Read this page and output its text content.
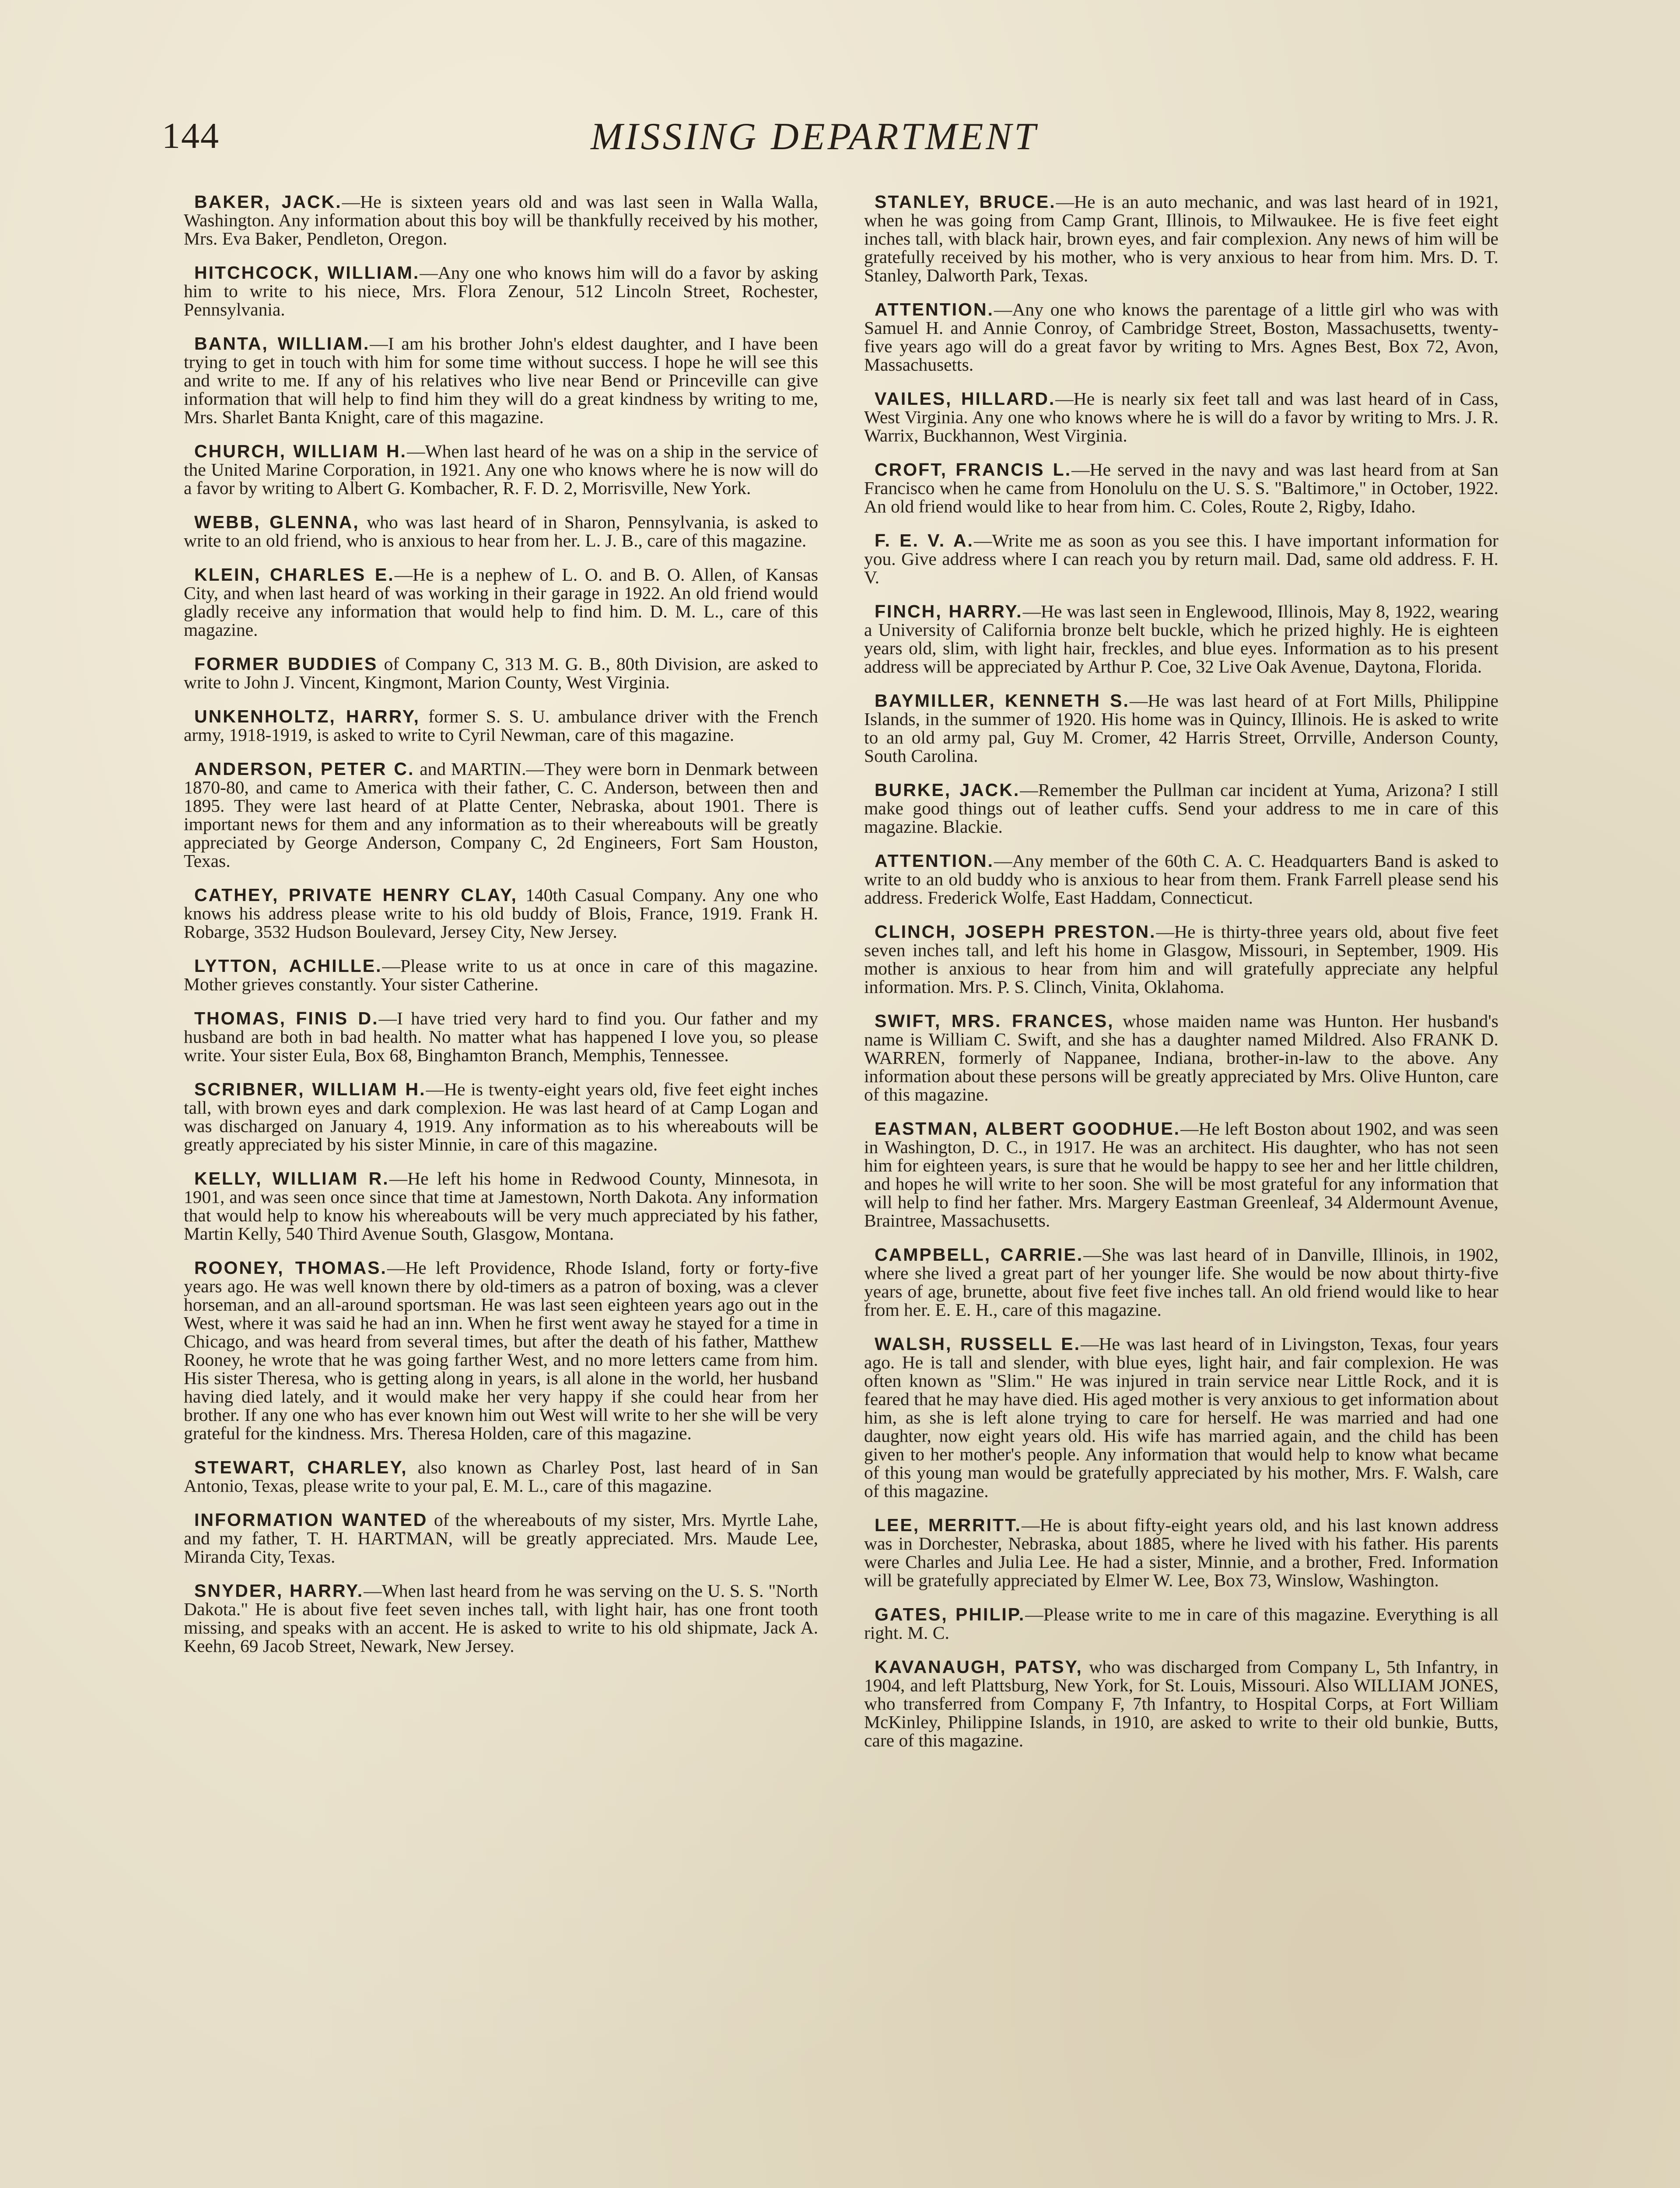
144	MISSING DEPARTMENT

BAKER, JACK.—He is sixteen years old and was last seen in Walla Walla, Washington. Any information about this boy will be thankfully received by his mother, Mrs. Eva Baker, Pendleton, Oregon.

HITCHCOCK, WILLIAM.—Any one who knows him will do a favor by asking him to write to his niece, Mrs. Flora Zenour, 512 Lincoln Street, Rochester, Pennsylvania.

BANTA, WILLIAM.—I am his brother John's eldest daughter, and I have been trying to get in touch with him for some time without success. I hope he will see this and write to me. If any of his relatives who live near Bend or Princeville can give information that will help to find him they will do a great kindness by writing to me, Mrs. Sharlet Banta Knight, care of this magazine.

CHURCH, WILLIAM H.—When last heard of he was on a ship in the service of the United Marine Corporation, in 1921. Any one who knows where he is now will do a favor by writing to Albert G. Kombacher, R. F. D. 2, Morrisville, New York.

WEBB, GLENNA, who was last heard of in Sharon, Pennsylvania, is asked to write to an old friend, who is anxious to hear from her. L. J. B., care of this magazine.

KLEIN, CHARLES E.—He is a nephew of L. O. and B. O. Allen, of Kansas City, and when last heard of was working in their garage in 1922. An old friend would gladly receive any information that would help to find him. D. M. L., care of this magazine.

FORMER BUDDIES of Company C, 313 M. G. B., 80th Division, are asked to write to John J. Vincent, Kingmont, Marion County, West Virginia.

UNKENHOLTZ, HARRY, former S. S. U. ambulance driver with the French army, 1918-1919, is asked to write to Cyril Newman, care of this magazine.

ANDERSON, PETER C. and MARTIN.—They were born in Denmark between 1870-80, and came to America with their father, C. C. Anderson, between then and 1895. They were last heard of at Platte Center, Nebraska, about 1901. There is important news for them and any information as to their whereabouts will be greatly appreciated by George Anderson, Company C, 2d Engineers, Fort Sam Houston, Texas.

CATHEY, PRIVATE HENRY CLAY, 140th Casual Company. Any one who knows his address please write to his old buddy of Blois, France, 1919. Frank H. Robarge, 3532 Hudson Boulevard, Jersey City, New Jersey.

LYTTON, ACHILLE.—Please write to us at once in care of this magazine. Mother grieves constantly. Your sister Catherine.

THOMAS, FINIS D.—I have tried very hard to find you. Our father and my husband are both in bad health. No matter what has happened I love you, so please write. Your sister Eula, Box 68, Binghamton Branch, Memphis, Tennessee.

SCRIBNER, WILLIAM H.—He is twenty-eight years old, five feet eight inches tall, with brown eyes and dark complexion. He was last heard of at Camp Logan and was discharged on January 4, 1919. Any information as to his whereabouts will be greatly appreciated by his sister Minnie, in care of this magazine.

KELLY, WILLIAM R.—He left his home in Redwood County, Minnesota, in 1901, and was seen once since that time at Jamestown, North Dakota. Any information that would help to know his whereabouts will be very much appreciated by his father, Martin Kelly, 540 Third Avenue South, Glasgow, Montana.

ROONEY, THOMAS.—He left Providence, Rhode Island, forty or forty-five years ago. He was well known there by old-timers as a patron of boxing, was a clever horseman, and an all-around sportsman. He was last seen eighteen years ago out in the West, where it was said he had an inn. When he first went away he stayed for a time in Chicago, and was heard from several times, but after the death of his father, Matthew Rooney, he wrote that he was going farther West, and no more letters came from him. His sister Theresa, who is getting along in years, is all alone in the world, her husband having died lately, and it would make her very happy if she could hear from her brother. If any one who has ever known him out West will write to her she will be very grateful for the kindness. Mrs. Theresa Holden, care of this magazine.

STEWART, CHARLEY, also known as Charley Post, last heard of in San Antonio, Texas, please write to your pal, E. M. L., care of this magazine.

INFORMATION WANTED of the whereabouts of my sister, Mrs. Myrtle Lahe, and my father, T. H. HARTMAN, will be greatly appreciated. Mrs. Maude Lee, Miranda City, Texas.

SNYDER, HARRY.—When last heard from he was serving on the U. S. S. "North Dakota." He is about five feet seven inches tall, with light hair, has one front tooth missing, and speaks with an accent. He is asked to write to his old shipmate, Jack A. Keehn, 69 Jacob Street, Newark, New Jersey.

STANLEY, BRUCE.—He is an auto mechanic, and was last heard of in 1921, when he was going from Camp Grant, Illinois, to Milwaukee. He is five feet eight inches tall, with black hair, brown eyes, and fair complexion. Any news of him will be gratefully received by his mother, who is very anxious to hear from him. Mrs. D. T. Stanley, Dalworth Park, Texas.

ATTENTION.—Any one who knows the parentage of a little girl who was with Samuel H. and Annie Conroy, of Cambridge Street, Boston, Massachusetts, twenty-five years ago will do a great favor by writing to Mrs. Agnes Best, Box 72, Avon, Massachusetts.

VAILES, HILLARD.—He is nearly six feet tall and was last heard of in Cass, West Virginia. Any one who knows where he is will do a favor by writing to Mrs. J. R. Warrix, Buckhannon, West Virginia.

CROFT, FRANCIS L.—He served in the navy and was last heard from at San Francisco when he came from Honolulu on the U. S. S. "Baltimore," in October, 1922. An old friend would like to hear from him. C. Coles, Route 2, Rigby, Idaho.

F. E. V. A.—Write me as soon as you see this. I have important information for you. Give address where I can reach you by return mail. Dad, same old address. F. H. V.

FINCH, HARRY.—He was last seen in Englewood, Illinois, May 8, 1922, wearing a University of California bronze belt buckle, which he prized highly. He is eighteen years old, slim, with light hair, freckles, and blue eyes. Information as to his present address will be appreciated by Arthur P. Coe, 32 Live Oak Avenue, Daytona, Florida.

BAYMILLER, KENNETH S.—He was last heard of at Fort Mills, Philippine Islands, in the summer of 1920. His home was in Quincy, Illinois. He is asked to write to an old army pal, Guy M. Cromer, 42 Harris Street, Orrville, Anderson County, South Carolina.

BURKE, JACK.—Remember the Pullman car incident at Yuma, Arizona? I still make good things out of leather cuffs. Send your address to me in care of this magazine. Blackie.

ATTENTION.—Any member of the 60th C. A. C. Headquarters Band is asked to write to an old buddy who is anxious to hear from them. Frank Farrell please send his address. Frederick Wolfe, East Haddam, Connecticut.

CLINCH, JOSEPH PRESTON.—He is thirty-three years old, about five feet seven inches tall, and left his home in Glasgow, Missouri, in September, 1909. His mother is anxious to hear from him and will gratefully appreciate any helpful information. Mrs. P. S. Clinch, Vinita, Oklahoma.

SWIFT, MRS. FRANCES, whose maiden name was Hunton. Her husband's name is William C. Swift, and she has a daughter named Mildred. Also FRANK D. WARREN, formerly of Nappanee, Indiana, brother-in-law to the above. Any information about these persons will be greatly appreciated by Mrs. Olive Hunton, care of this magazine.

EASTMAN, ALBERT GOODHUE.—He left Boston about 1902, and was seen in Washington, D. C., in 1917. He was an architect. His daughter, who has not seen him for eighteen years, is sure that he would be happy to see her and her little children, and hopes he will write to her soon. She will be most grateful for any information that will help to find her father. Mrs. Margery Eastman Greenleaf, 34 Aldermount Avenue, Braintree, Massachusetts.

CAMPBELL, CARRIE.—She was last heard of in Danville, Illinois, in 1902, where she lived a great part of her younger life. She would be now about thirty-five years of age, brunette, about five feet five inches tall. An old friend would like to hear from her. E. E. H., care of this magazine.

WALSH, RUSSELL E.—He was last heard of in Livingston, Texas, four years ago. He is tall and slender, with blue eyes, light hair, and fair complexion. He was often known as "Slim." He was injured in train service near Little Rock, and it is feared that he may have died. His aged mother is very anxious to get information about him, as she is left alone trying to care for herself. He was married and had one daughter, now eight years old. His wife has married again, and the child has been given to her mother's people. Any information that would help to know what became of this young man would be gratefully appreciated by his mother, Mrs. F. Walsh, care of this magazine.

LEE, MERRITT.—He is about fifty-eight years old, and his last known address was in Dorchester, Nebraska, about 1885, where he lived with his father. His parents were Charles and Julia Lee. He had a sister, Minnie, and a brother, Fred. Information will be gratefully appreciated by Elmer W. Lee, Box 73, Winslow, Washington.

GATES, PHILIP.—Please write to me in care of this magazine. Everything is all right. M. C.

KAVANAUGH, PATSY, who was discharged from Company L, 5th Infantry, in 1904, and left Plattsburg, New York, for St. Louis, Missouri. Also WILLIAM JONES, who transferred from Company F, 7th Infantry, to Hospital Corps, at Fort William McKinley, Philippine Islands, in 1910, are asked to write to their old bunkie, Butts, care of this magazine.
